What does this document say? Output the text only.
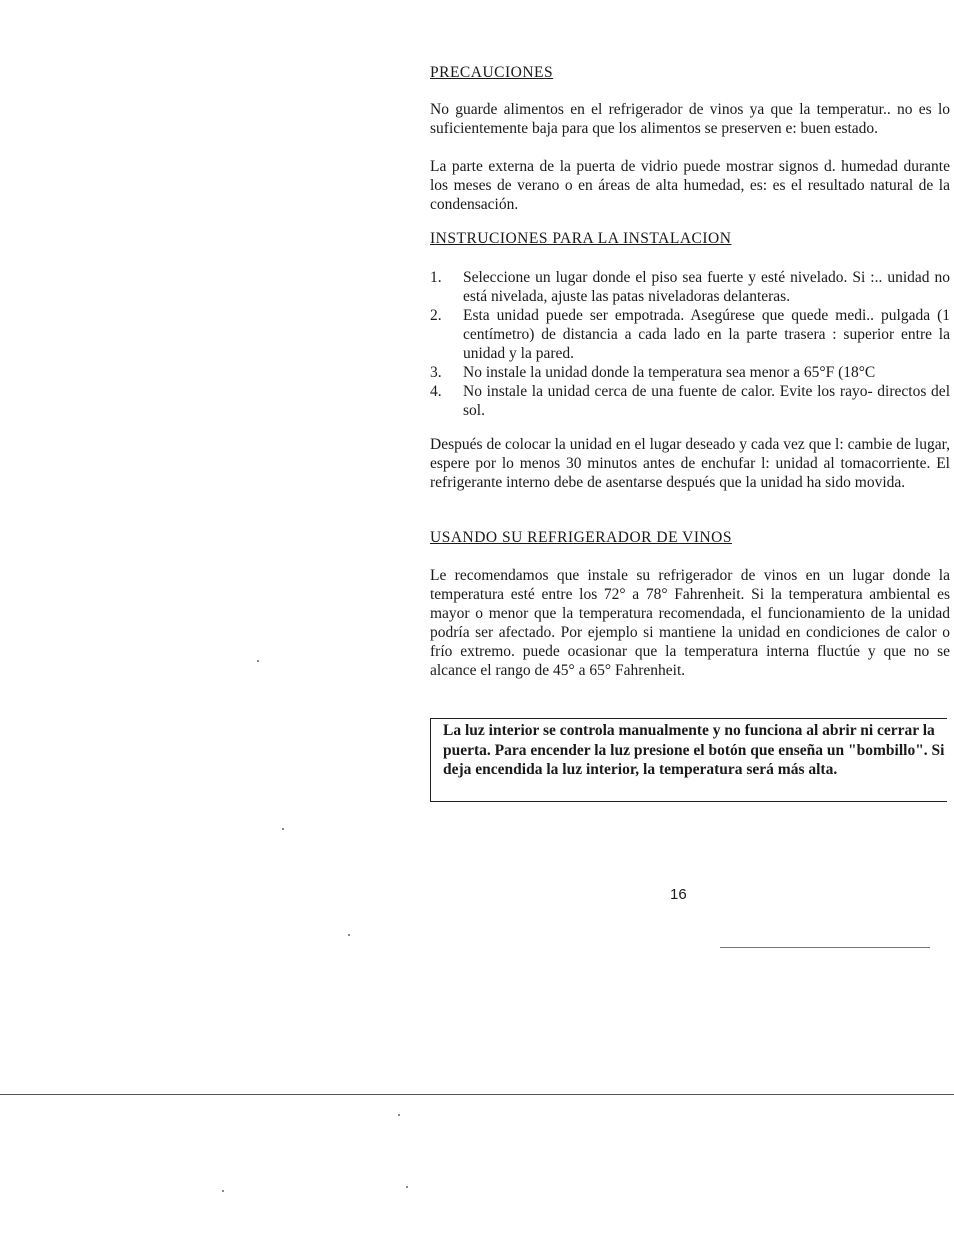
PRECAUCIONES

No guarde alimentos en el refrigerador de vinos ya que la temperatur.. no es lo suficientemente baja para que los alimentos se preserven e: buen estado.

La parte externa de la puerta de vidrio puede mostrar signos d. humedad durante los meses de verano o en áreas de alta humedad, es: es el resultado natural de la condensación.

INSTRUCIONES PARA LA INSTALACION
1. Seleccione un lugar donde el piso sea fuerte y esté nivelado. Si :.. unidad no está nivelada, ajuste las patas niveladoras delanteras.
2. Esta unidad puede ser empotrada. Asegúrese que quede medi.. pulgada (1 centímetro) de distancia a cada lado en la parte trasera : superior entre la unidad y la pared.
3. No instale la unidad donde la temperatura sea menor a 65°F (18°C
4. No instale la unidad cerca de una fuente de calor. Evite los rayo- directos del sol.

Después de colocar la unidad en el lugar deseado y cada vez que l: cambie de lugar, espere por lo menos 30 minutos antes de enchufar l: unidad al tomacorriente. El refrigerante interno debe de asentarse después que la unidad ha sido movida.

USANDO SU REFRIGERADOR DE VINOS

Le recomendamos que instale su refrigerador de vinos en un lugar donde la temperatura esté entre los 72° a 78° Fahrenheit. Si la temperatura ambiental es mayor o menor que la temperatura recomendada, el funcionamiento de la unidad podría ser afectado. Por ejemplo si mantiene la unidad en condiciones de calor o frío extremo. puede ocasionar que la temperatura interna fluctúe y que no se alcance el rango de 45° a 65° Fahrenheit.

La luz interior se controla manualmente y no funciona al abrir ni cerrar la puerta. Para encender la luz presione el botón que enseña un "bombillo". Si deja encendida la luz interior, la temperatura será más alta.

16
